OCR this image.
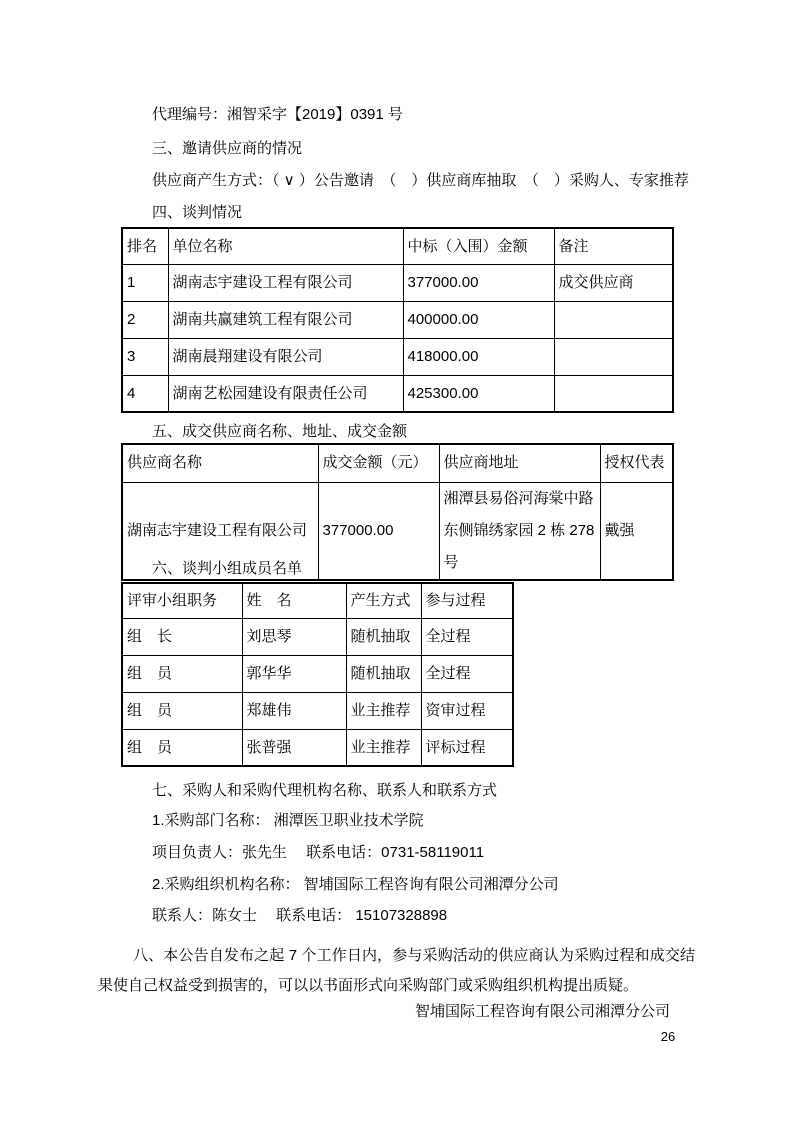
代理编号：湘智采字【2019】0391 号
三、邀请供应商的情况
供应商产生方式：（ ∨ ）公告邀请　（　）供应商库抽取　（　）采购人、专家推荐
四、谈判情况
排名	单位名称	中标（入围）金额	备注
1	湖南志宇建设工程有限公司	377000.00	成交供应商
2	湖南共赢建筑工程有限公司	400000.00	
3	湖南晨翔建设有限公司	418000.00	
4	湖南艺松园建设有限责任公司	425300.00	
五、成交供应商名称、地址、成交金额
供应商名称	成交金额（元）	供应商地址	授权代表
湖南志宇建设工程有限公司	377000.00	湘潭县易俗河海棠中路东侧锦绣家园 2 栋 278 号	戴强
六、谈判小组成员名单
评审小组职务	姓　名	产生方式	参与过程
组　长	刘思琴	随机抽取	全过程
组　员	郭华华	随机抽取	全过程
组　员	郑雄伟	业主推荐	资审过程
组　员	张普强	业主推荐	评标过程
七、采购人和采购代理机构名称、联系人和联系方式
1.采购部门名称： 湘潭医卫职业技术学院
项目负责人：张先生　 联系电话：0731-58119011
2.采购组织机构名称： 智埔国际工程咨询有限公司湘潭分公司
联系人：陈女士　 联系电话： 15107328898
八、本公告自发布之起 7 个工作日内，参与采购活动的供应商认为采购过程和成交结果使自己权益受到损害的，可以以书面形式向采购部门或采购组织机构提出质疑。
智埔国际工程咨询有限公司湘潭分公司
26
